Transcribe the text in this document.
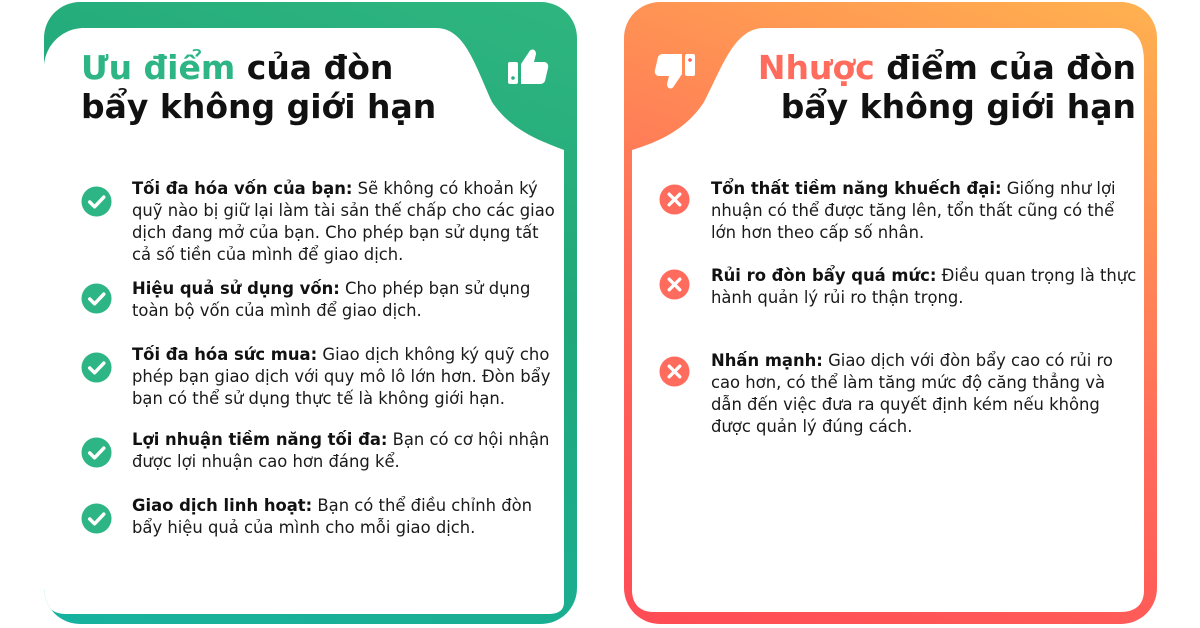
Ưu điểm của đòn bẩy không giới hạn

Tối đa hóa vốn của bạn: Sẽ không có khoản ký quỹ nào bị giữ lại làm tài sản thế chấp cho các giao dịch đang mở của bạn. Cho phép bạn sử dụng tất cả số tiền của mình để giao dịch.

Hiệu quả sử dụng vốn: Cho phép bạn sử dụng toàn bộ vốn của mình để giao dịch.

Tối đa hóa sức mua: Giao dịch không ký quỹ cho phép bạn giao dịch với quy mô lô lớn hơn. Đòn bẩy bạn có thể sử dụng thực tế là không giới hạn.

Lợi nhuận tiềm năng tối đa: Bạn có cơ hội nhận được lợi nhuận cao hơn đáng kể.

Giao dịch linh hoạt: Bạn có thể điều chỉnh đòn bẩy hiệu quả của mình cho mỗi giao dịch.

Nhược điểm của đòn bẩy không giới hạn

Tổn thất tiềm năng khuếch đại: Giống như lợi nhuận có thể được tăng lên, tổn thất cũng có thể lớn hơn theo cấp số nhân.

Rủi ro đòn bẩy quá mức: Điều quan trọng là thực hành quản lý rủi ro thận trọng.

Nhấn mạnh: Giao dịch với đòn bẩy cao có rủi ro cao hơn, có thể làm tăng mức độ căng thẳng và dẫn đến việc đưa ra quyết định kém nếu không được quản lý đúng cách.
